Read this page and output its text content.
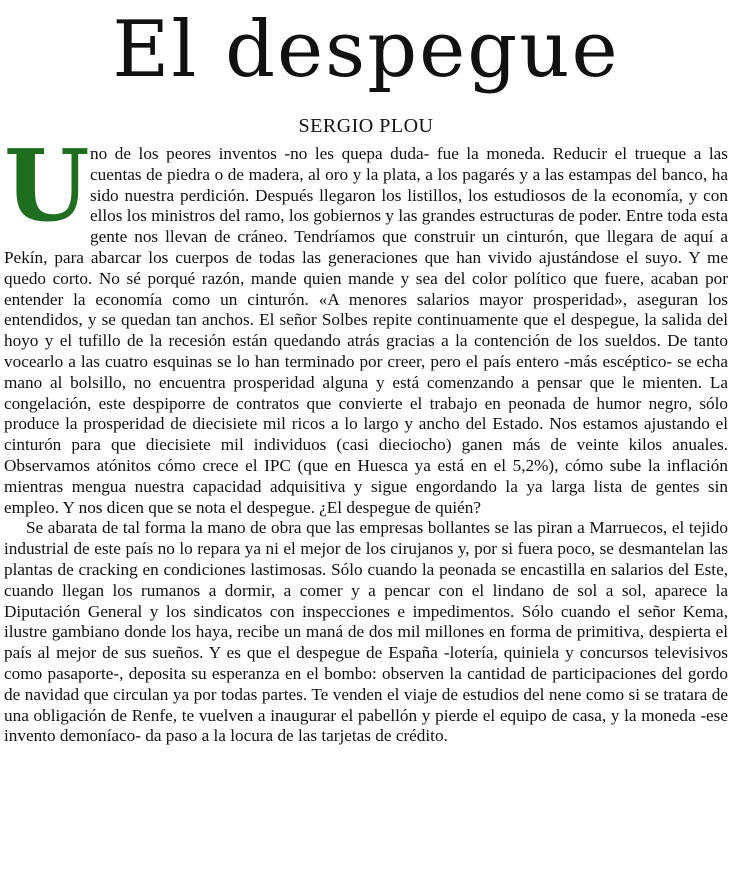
El despegue
SERGIO PLOU

U no de los peores inventos -no les quepa duda- fue la moneda. Reducir el trueque a las cuentas de piedra o de madera, al oro y la plata, a los pagarés y a las estampas del banco, ha sido nuestra perdición. Después llegaron los listillos, los estudiosos de la economía, y con ellos los ministros del ramo, los gobiernos y las grandes estructuras de poder. Entre toda esta gente nos llevan de cráneo. Tendríamos que construir un cinturón, que llegara de aquí a Pekín, para abarcar los cuerpos de todas las generaciones que han vivido ajustándose el suyo. Y me quedo corto. No sé porqué razón, mande quien mande y sea del color político que fuere, acaban por entender la economía como un cinturón. «A menores salarios mayor prosperidad», aseguran los entendidos, y se quedan tan anchos. El señor Solbes repite continuamente que el despegue, la salida del hoyo y el tufillo de la recesión están quedando atrás gracias a la contención de los sueldos. De tanto vocearlo a las cuatro esquinas se lo han terminado por creer, pero el país entero -más escéptico- se echa mano al bolsillo, no encuentra prosperidad alguna y está comenzando a pensar que le mienten. La congelación, este despiporre de contratos que convierte el trabajo en peonada de humor negro, sólo produce la prosperidad de diecisiete mil ricos a lo largo y ancho del Estado. Nos estamos ajustando el cinturón para que diecisiete mil individuos (casi dieciocho) ganen más de veinte kilos anuales. Observamos atónitos cómo crece el IPC (que en Huesca ya está en el 5,2%), cómo sube la inflación mientras mengua nuestra capacidad adquisitiva y sigue engordando la ya larga lista de gentes sin empleo. Y nos dicen que se nota el despegue. ¿El despegue de quién?

Se abarata de tal forma la mano de obra que las empresas bollantes se las piran a Marruecos, el tejido industrial de este país no lo repara ya ni el mejor de los cirujanos y, por si fuera poco, se desmantelan las plantas de cracking en condiciones lastimosas. Sólo cuando la peonada se encastilla en salarios del Este, cuando llegan los rumanos a dormir, a comer y a pencar con el lindano de sol a sol, aparece la Diputación General y los sindicatos con inspecciones e impedimentos. Sólo cuando el señor Kema, ilustre gambiano donde los haya, recibe un maná de dos mil millones en forma de primitiva, despierta el país al mejor de sus sueños. Y es que el despegue de España -lotería, quiniela y concursos televisivos como pasaporte-, deposita su esperanza en el bombo: observen la cantidad de participaciones del gordo de navidad que circulan ya por todas partes. Te venden el viaje de estudios del nene como si se tratara de una obligación de Renfe, te vuelven a inaugurar el pabellón y pierde el equipo de casa, y la moneda -ese invento demoníaco- da paso a la locura de las tarjetas de crédito.
